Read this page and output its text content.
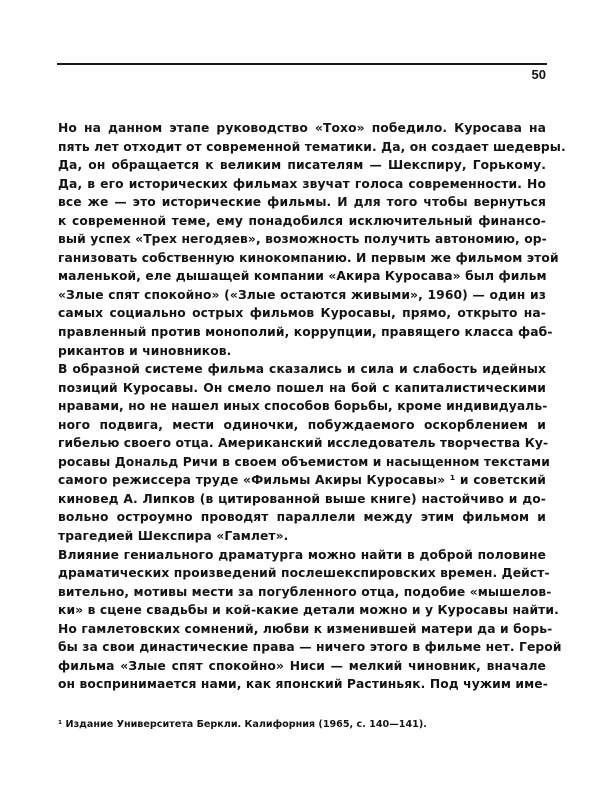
50
Но на данном этапе руководство «Тохо» победило. Куросава на
пять лет отходит от современной тематики. Да, он создает шедевры.
Да, он обращается к великим писателям — Шекспиру, Горькому.
Да, в его исторических фильмах звучат голоса современности. Но
все же — это исторические фильмы. И для того чтобы вернуться
к современной теме, ему понадобился исключительный финансо-
вый успех «Трех негодяев», возможность получить автономию, ор-
ганизовать собственную кинокомпанию. И первым же фильмом этой
маленькой, еле дышащей компании «Акира Куросава» был фильм
«Злые спят спокойно» («Злые остаются живыми», 1960) — один из
самых социально острых фильмов Куросавы, прямо, открыто на-
правленный против монополий, коррупции, правящего класса фаб-
рикантов и чиновников.
В образной системе фильма сказались и сила и слабость идейных
позиций Куросавы. Он смело пошел на бой с капиталистическими
нравами, но не нашел иных способов борьбы, кроме индивидуаль-
ного подвига, мести одиночки, побуждаемого оскорблением и
гибелью своего отца. Американский исследователь творчества Ку-
росавы Дональд Ричи в своем объемистом и насыщенном текстами
самого режиссера труде «Фильмы Акиры Куросавы» ¹ и советский
киновед А. Липков (в цитированной выше книге) настойчиво и до-
вольно остроумно проводят параллели между этим фильмом и
трагедией Шекспира «Гамлет».
Влияние гениального драматурга можно найти в доброй половине
драматических произведений послешекспировских времен. Дейст-
вительно, мотивы мести за погубленного отца, подобие «мышелов-
ки» в сцене свадьбы и кой-какие детали можно и у Куросавы найти.
Но гамлетовских сомнений, любви к изменившей матери да и борь-
бы за свои династические права — ничего этого в фильме нет. Герой
фильма «Злые спят спокойно» Ниси — мелкий чиновник, вначале
он воспринимается нами, как японский Растиньяк. Под чужим име-
¹ Издание Университета Беркли. Калифорния (1965, с. 140—141).
